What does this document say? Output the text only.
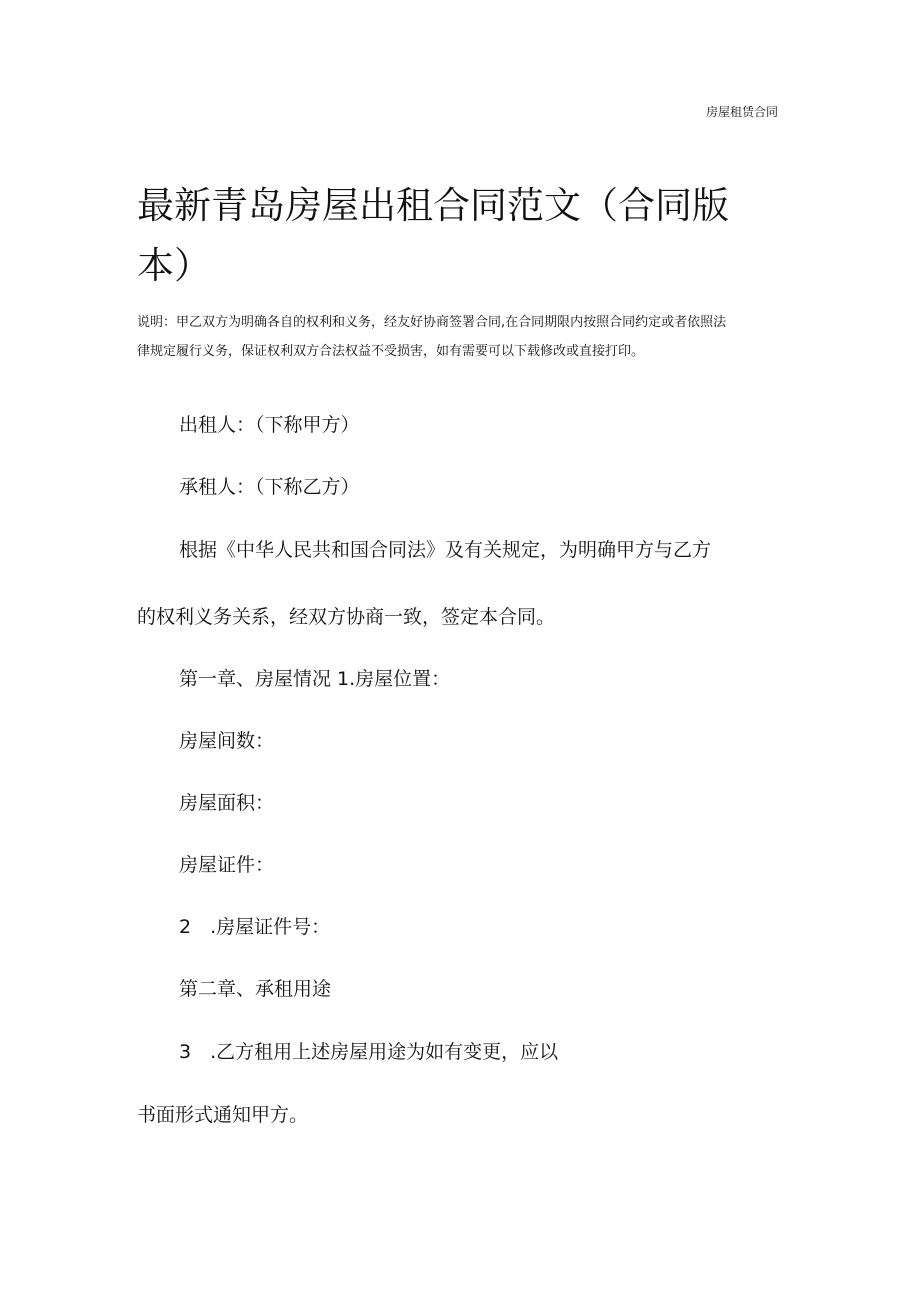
房屋租赁合同
最新青岛房屋出租合同范文（合同版
本）
说明：甲乙双方为明确各自的权利和义务，经友好协商签署合同,在合同期限内按照合同约定或者依照法
律规定履行义务，保证权利双方合法权益不受损害，如有需要可以下载修改或直接打印。
出租人：（下称甲方）
承租人：（下称乙方）
根据《中华人民共和国合同法》及有关规定，为明确甲方与乙方
的权利义务关系，经双方协商一致，签定本合同。
第一章、房屋情况 1.房屋位置：
房屋间数：
房屋面积：
房屋证件：
2　.房屋证件号：
第二章、承租用途
3　.乙方租用上述房屋用途为如有变更，应以
书面形式通知甲方。
